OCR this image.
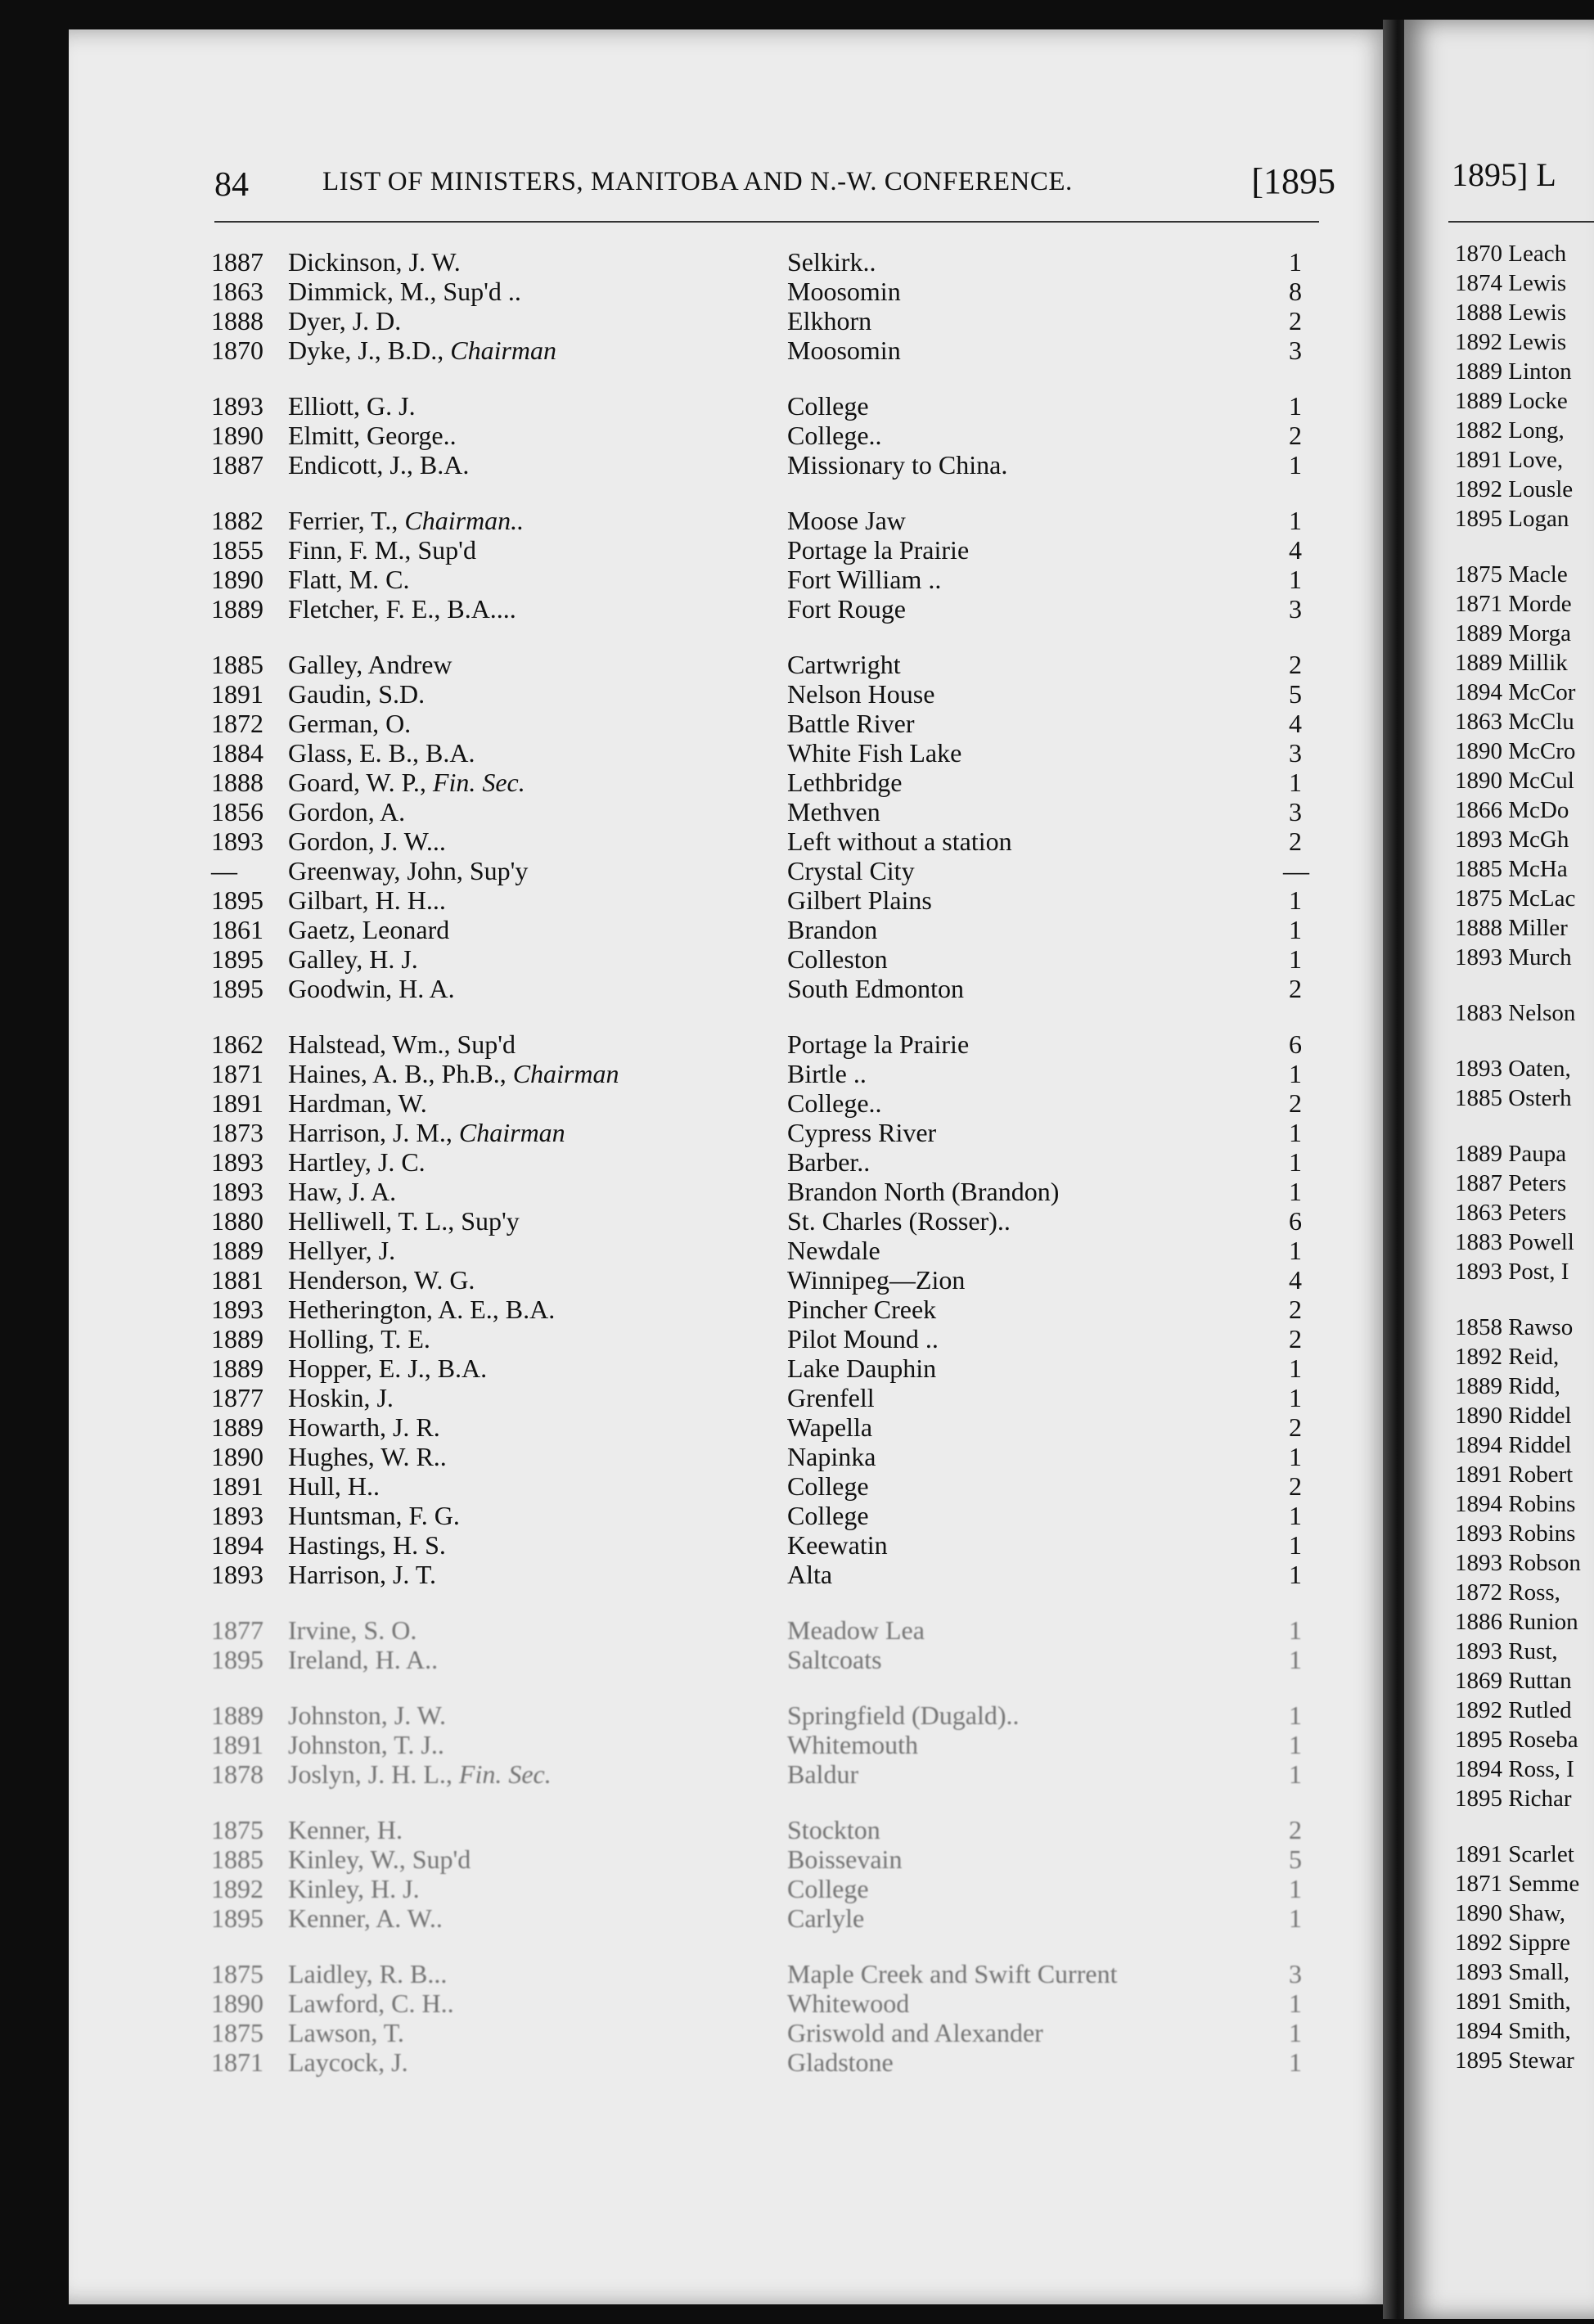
84	LIST OF MINISTERS, MANITOBA AND N.-W. CONFERENCE.	[1895
1887 Dickinson, J. W.	Selkirk..	1
1863 Dimmick, M., Sup'd ..	Moosomin	8
1888 Dyer, J. D.	Elkhorn	2
1870 Dyke, J., B.D., Chairman	Moosomin	3
1893 Elliott, G. J.	College	1
1890 Elmitt, George..	College..	2
1887 Endicott, J., B.A.	Missionary to China.	1
1882 Ferrier, T., Chairman..	Moose Jaw	1
1855 Finn, F. M., Sup'd	Portage la Prairie	4
1890 Flatt, M. C.	Fort William ..	1
1889 Fletcher, F. E., B.A....	Fort Rouge	3
1885 Galley, Andrew	Cartwright	2
1891 Gaudin, S.D.	Nelson House	5
1872 German, O.	Battle River	4
1884 Glass, E. B., B.A.	White Fish Lake	3
1888 Goard, W. P., Fin. Sec.	Lethbridge	1
1856 Gordon, A.	Methven	3
1893 Gordon, J. W...	Left without a station	2
—	Greenway, John, Sup'y	Crystal City	—
1895 Gilbart, H. H...	Gilbert Plains	1
1861 Gaetz, Leonard	Brandon	1
1895 Galley, H. J.	Colleston	1
1895 Goodwin, H. A.	South Edmonton	2
1862 Halstead, Wm., Sup'd	Portage la Prairie	6
1871 Haines, A. B., Ph.B., Chairman	Birtle ..	1
1891 Hardman, W.	College..	2
1873 Harrison, J. M., Chairman	Cypress River	1
1893 Hartley, J. C.	Barber..	1
1893 Haw, J. A.	Brandon North (Brandon)	1
1880 Helliwell, T. L., Sup'y	St. Charles (Rosser)..	6
1889 Hellyer, J.	Newdale	1
1881 Henderson, W. G.	Winnipeg—Zion	4
1893 Hetherington, A. E., B.A.	Pincher Creek	2
1889 Holling, T. E.	Pilot Mound ..	2
1889 Hopper, E. J., B.A.	Lake Dauphin	1
1877 Hoskin, J.	Grenfell	1
1889 Howarth, J. R.	Wapella	2
1890 Hughes, W. R..	Napinka	1
1891 Hull, H..	College	2
1893 Huntsman, F. G.	College	1
1894 Hastings, H. S.	Keewatin	1
1893 Harrison, J. T.	Alta	1
1877 Irvine, S. O.	Meadow Lea	1
1895 Ireland, H. A..	Saltcoats	1
1889 Johnston, J. W.	Springfield (Dugald)..	1
1891 Johnston, T. J..	Whitemouth	1
1878 Joslyn, J. H. L., Fin. Sec.	Baldur	1
1875 Kenner, H.	Stockton	2
1885 Kinley, W., Sup'd	Boissevain	5
1892 Kinley, H. J.	College	1
1895 Kenner, A. W..	Carlyle	1
1875 Laidley, R. B...	Maple Creek and Swift Current	3
1890 Lawford, C. H..	Whitewood	1
1875 Lawson, T.	Griswold and Alexander	1
1871 Laycock, J.	Gladstone	1
1895] L
1870 Leach
1874 Lewis
1888 Lewis
1892 Lewis
1889 Linton
1889 Locke
1882 Long,
1891 Love,
1892 Lousle
1895 Logan
1875 Macle
1871 Morde
1889 Morga
1889 Millik
1894 McCor
1863 McClu
1890 McCro
1890 McCul
1866 McDo
1893 McGh
1885 McHa
1875 McLac
1888 Miller
1893 Murch
1883 Nelson
1893 Oaten,
1885 Osterh
1889 Paupa
1887 Peters
1863 Peters
1883 Powell
1893 Post, I
1858 Rawso
1892 Reid,
1889 Ridd,
1890 Riddel
1894 Riddel
1891 Robert
1894 Robins
1893 Robins
1893 Robson
1872 Ross,
1886 Runion
1893 Rust,
1869 Ruttan
1892 Rutled
1895 Roseba
1894 Ross, I
1895 Richar
1891 Scarlet
1871 Semme
1890 Shaw,
1892 Sippre
1893 Small,
1891 Smith,
1894 Smith,
1895 Stewar
